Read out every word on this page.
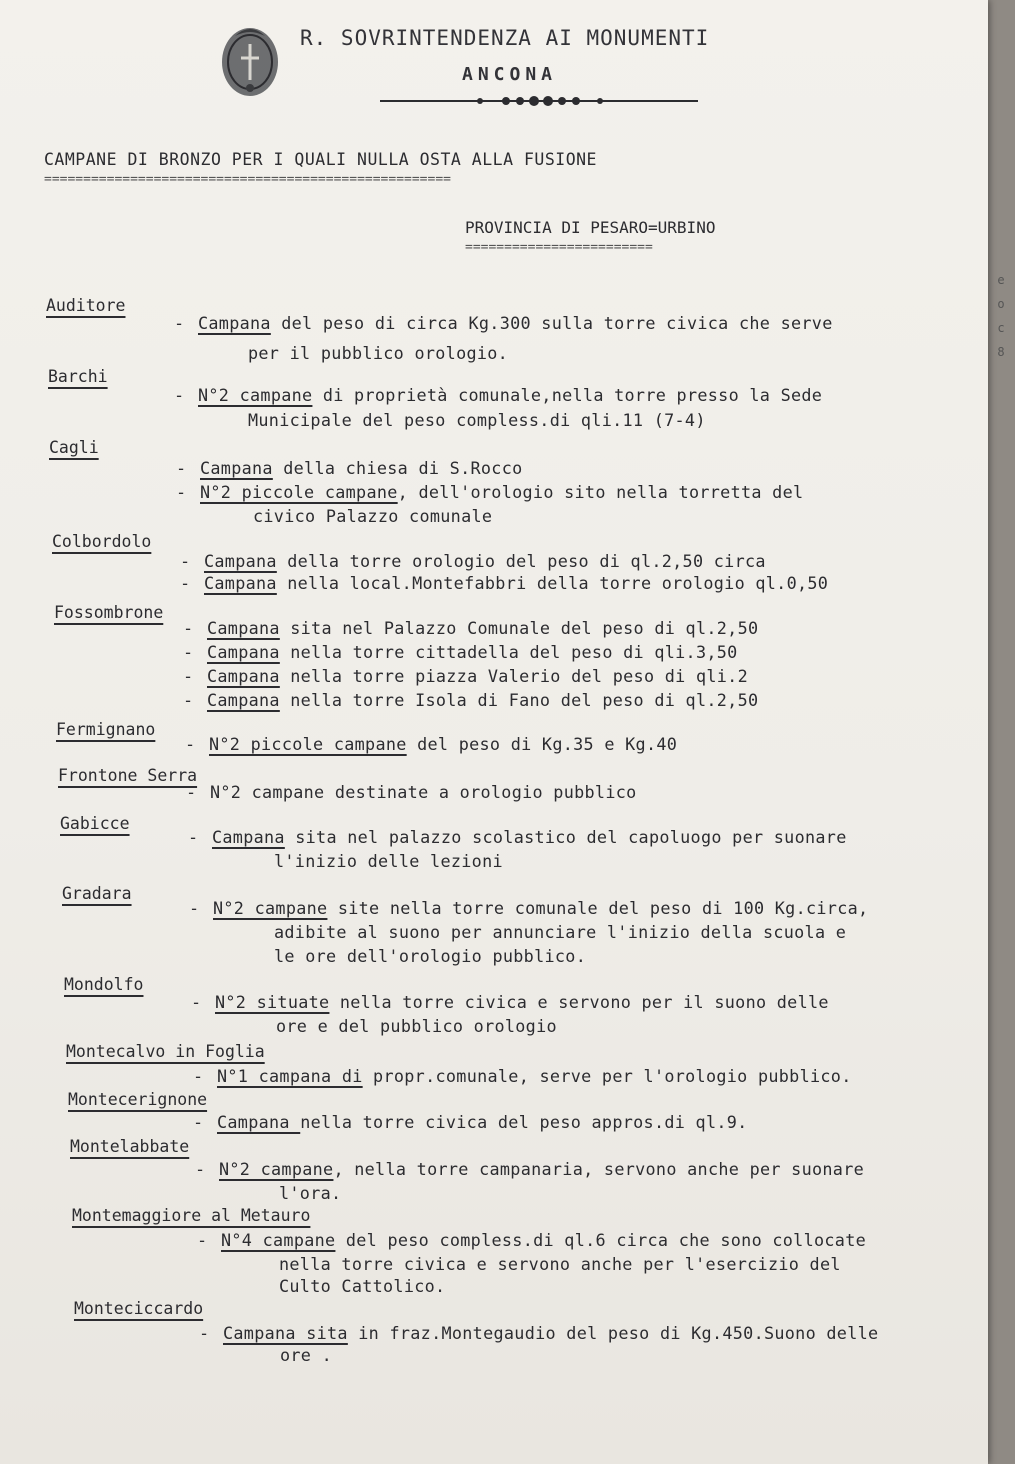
R. SOVRINTENDENZA AI MONUMENTI
ANCONA
CAMPANE DI BRONZO PER I QUALI NULLA OSTA ALLA FUSIONE
====================================================
PROVINCIA DI PESARO=URBINO
========================
Auditore
- Campana del peso di circa Kg.300 sulla torre civica che serve
per il pubblico orologio.
Barchi
- N°2 campane di proprietà comunale,nella torre presso la Sede
Municipale del peso compless.di qli.11 (7-4)
Cagli
- Campana della chiesa di S.Rocco
- N°2 piccole campane, dell'orologio sito nella torretta del
civico Palazzo comunale
Colbordolo
- Campana della torre orologio del peso di ql.2,50 circa
- Campana nella local.Montefabbri della torre orologio ql.0,50
Fossombrone
- Campana sita nel Palazzo Comunale del peso di ql.2,50
- Campana nella torre cittadella del peso di qli.3,50
- Campana nella torre piazza Valerio del peso di qli.2
- Campana nella torre Isola di Fano del peso di ql.2,50
Fermignano
- N°2 piccole campane del peso di Kg.35 e Kg.40
Frontone Serra
- N°2 campane destinate a orologio pubblico
Gabicce
- Campana sita nel palazzo scolastico del capoluogo per suonare
l'inizio delle lezioni
Gradara
- N°2 campane site nella torre comunale del peso di 100 Kg.circa,
adibite al suono per annunciare l'inizio della scuola e
le ore dell'orologio pubblico.
Mondolfo
- N°2 situate nella torre civica e servono per il suono delle
ore e del pubblico orologio
Montecalvo in Foglia
- N°1 campana di propr.comunale, serve per l'orologio pubblico.
Montecerignone
- Campana nella torre civica del peso appros.di ql.9.
Montelabbate
- N°2 campane, nella torre campanaria, servono anche per suonare
l'ora.
Montemaggiore al Metauro
- N°4 campane del peso compless.di ql.6 circa che sono collocate
nella torre civica e servono anche per l'esercizio del
Culto Cattolico.
Monteciccardo
- Campana sita in fraz.Montegaudio del peso di Kg.450.Suono delle
ore .
e
o
c
8
